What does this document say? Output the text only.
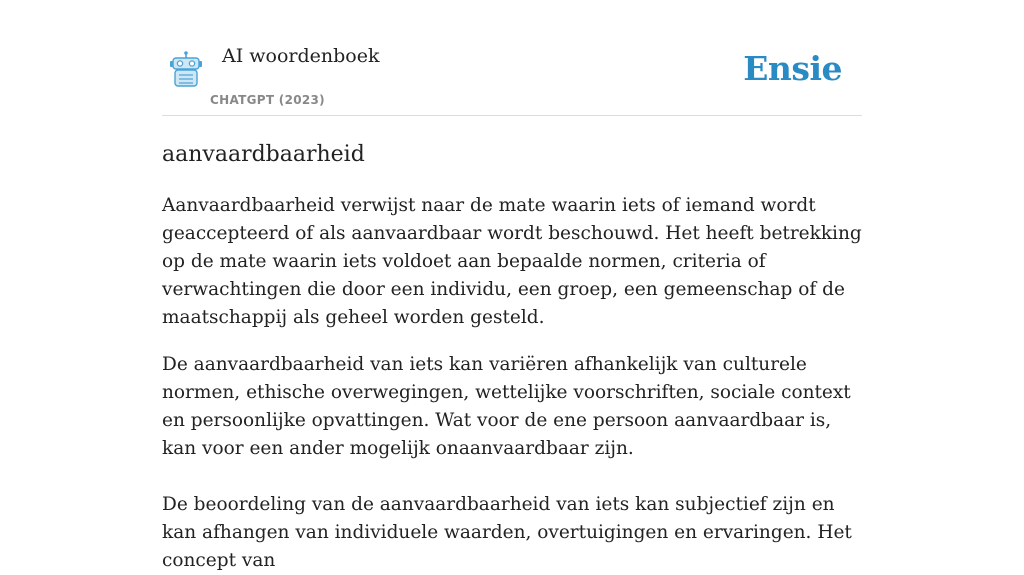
AI woordenboek
CHATGPT (2023)
Ensie
aanvaardbaarheid

Aanvaardbaarheid verwijst naar de mate waarin iets of iemand wordt geaccepteerd of als aanvaardbaar wordt beschouwd. Het heeft betrekking op de mate waarin iets voldoet aan bepaalde normen, criteria of verwachtingen die door een individu, een groep, een gemeenschap of de maatschappij als geheel worden gesteld.

De aanvaardbaarheid van iets kan variëren afhankelijk van culturele normen, ethische overwegingen, wettelijke voorschriften, sociale context en persoonlijke opvattingen. Wat voor de ene persoon aanvaardbaar is, kan voor een ander mogelijk onaanvaardbaar zijn.

De beoordeling van de aanvaardbaarheid van iets kan subjectief zijn en kan afhangen van individuele waarden, overtuigingen en ervaringen. Het concept van
